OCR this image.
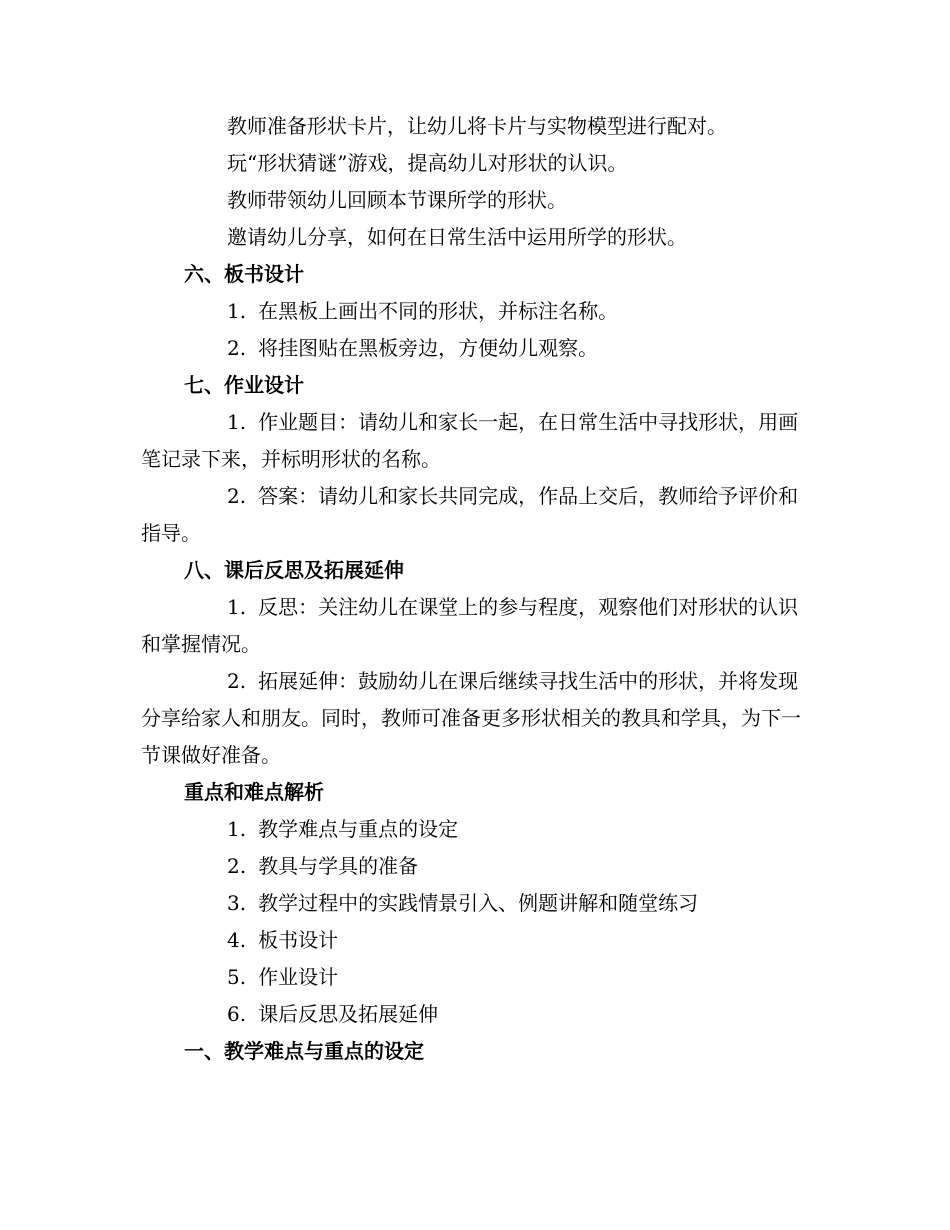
教师准备形状卡片，让幼儿将卡片与实物模型进行配对。

玩“形状猜谜”游戏，提高幼儿对形状的认识。

教师带领幼儿回顾本节课所学的形状。

邀请幼儿分享，如何在日常生活中运用所学的形状。

六、板书设计

1. 在黑板上画出不同的形状，并标注名称。

2. 将挂图贴在黑板旁边，方便幼儿观察。

七、作业设计

1. 作业题目：请幼儿和家长一起，在日常生活中寻找形状，用画笔记录下来，并标明形状的名称。

2. 答案：请幼儿和家长共同完成，作品上交后，教师给予评价和指导。

八、课后反思及拓展延伸

1. 反思：关注幼儿在课堂上的参与程度，观察他们对形状的认识和掌握情况。

2. 拓展延伸：鼓励幼儿在课后继续寻找生活中的形状，并将发现分享给家人和朋友。同时，教师可准备更多形状相关的教具和学具，为下一节课做好准备。

重点和难点解析

1. 教学难点与重点的设定

2. 教具与学具的准备

3. 教学过程中的实践情景引入、例题讲解和随堂练习

4. 板书设计

5. 作业设计

6. 课后反思及拓展延伸

一、教学难点与重点的设定
